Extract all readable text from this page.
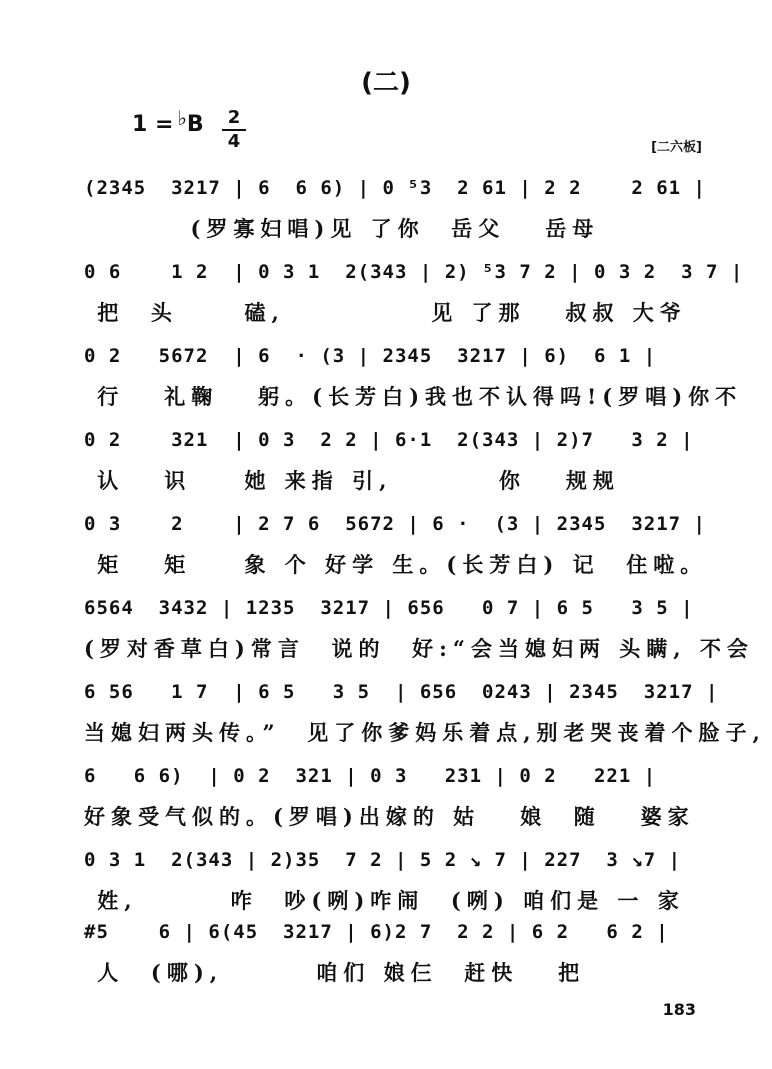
(二)
1 = ♭B	2
4	[二六板]
(2345  3217 | 6  6 6) | 0 ⁵3  2 61 | 2 2    2 61 |
(罗寡妇唱)见 了你  岳父   岳母
0 6    1 2  | 0 3 1  2(343 | 2) ⁵3 7 2 | 0 3 2  3 7 |
把  头     磕,           见 了那   叔叔 大爷
0 2   5672  | 6  · (3 | 2345  3217 | 6)  6 1 |
行   礼鞠   躬。(长芳白)我也不认得吗!(罗唱)你不
0 2    321  | 0 3  2 2 | 6·1  2(343 | 2)7   3 2 |
认   识    她 来指 引,        你   规规
0 3    2    | 2 7 6  5672 | 6 ·  (3 | 2345  3217 |
矩   矩    象 个 好学 生。(长芳白) 记  住啦。
6564  3432 | 1235  3217 | 656   0 7 | 6 5   3 5 |
(罗对香草白)常言  说的  好:“会当媳妇两 头瞒, 不会
6 56   1 7  | 6 5   3 5  | 656  0243 | 2345  3217 |
当媳妇两头传。”  见了你爹妈乐着点,别老哭丧着个脸子,
6   6 6)  | 0 2  321 | 0 3   231 | 0 2   221 |
好象受气似的。(罗唱)出嫁的 姑   娘  随   婆家
0 3 1  2(343 | 2)35  7 2 | 5 2 ↘ 7 | 227  3 ↘7 |
姓,       咋  吵(咧)咋闹  (咧) 咱们是 一 家
#5    6 | 6(45  3217 | 6)2 7  2 2 | 6 2   6 2 |
人  (哪),       咱们 娘仨  赶快   把
183
